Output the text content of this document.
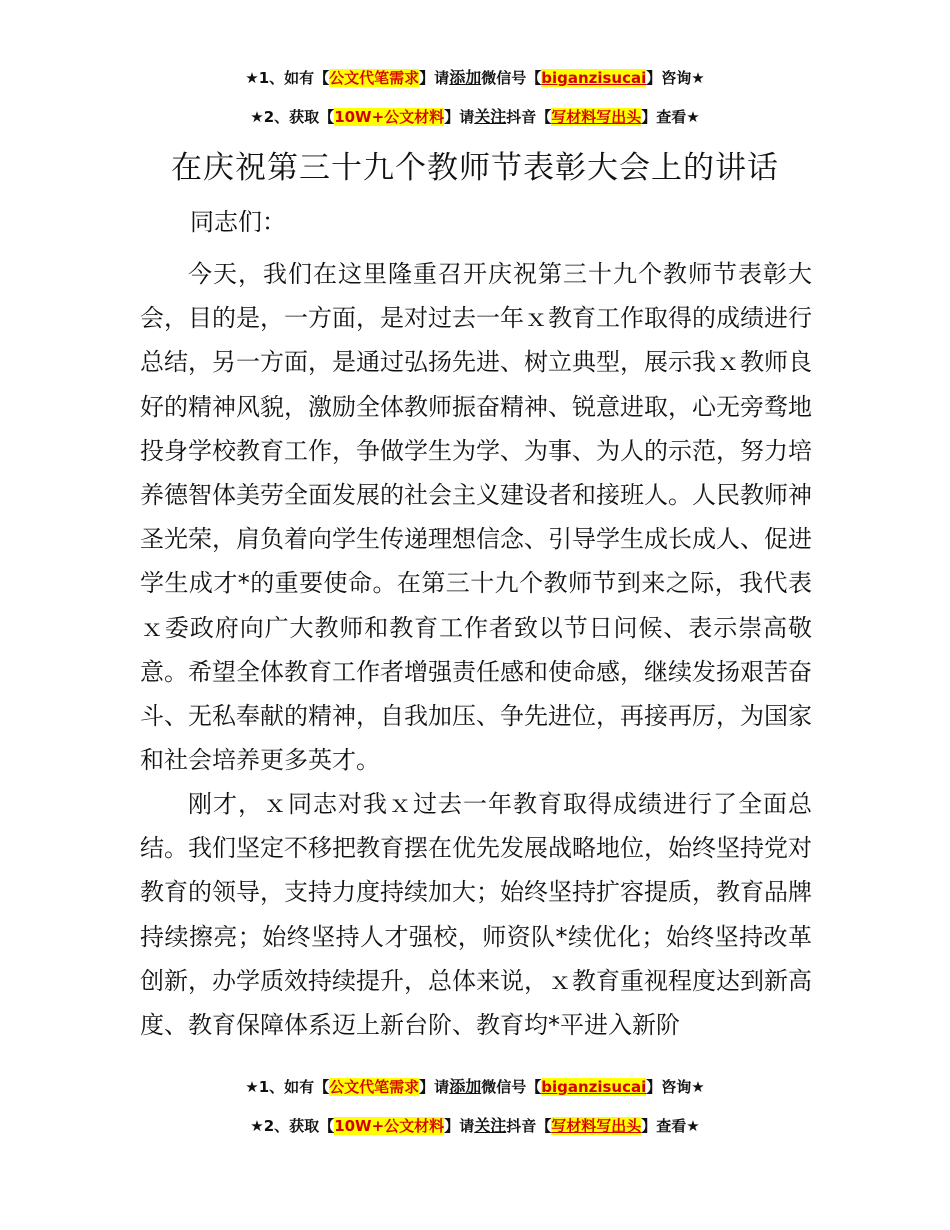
★1、如有【公文代笔需求】请添加微信号【biganzisucai】咨询★
★2、获取【10W+公文材料】请关注抖音【写材料写出头】查看★
在庆祝第三十九个教师节表彰大会上的讲话
同志们：

今天，我们在这里隆重召开庆祝第三十九个教师节表彰大会，目的是，一方面，是对过去一年ｘ教育工作取得的成绩进行总结，另一方面，是通过弘扬先进、树立典型，展示我ｘ教师良好的精神风貌，激励全体教师振奋精神、锐意进取，心无旁骛地投身学校教育工作，争做学生为学、为事、为人的示范，努力培养德智体美劳全面发展的社会主义建设者和接班人。人民教师神圣光荣，肩负着向学生传递理想信念、引导学生成长成人、促进学生成才*的重要使命。在第三十九个教师节到来之际，我代表ｘ委政府向广大教师和教育工作者致以节日问候、表示崇高敬意。希望全体教育工作者增强责任感和使命感，继续发扬艰苦奋斗、无私奉献的精神，自我加压、争先进位，再接再厉，为国家和社会培养更多英才。

刚才，ｘ同志对我ｘ过去一年教育取得成绩进行了全面总结。我们坚定不移把教育摆在优先发展战略地位，始终坚持党对教育的领导，支持力度持续加大；始终坚持扩容提质，教育品牌持续擦亮；始终坚持人才强校，师资队*续优化；始终坚持改革创新，办学质效持续提升，总体来说，ｘ教育重视程度达到新高度、教育保障体系迈上新台阶、教育均*平进入新阶

★1、如有【公文代笔需求】请添加微信号【biganzisucai】咨询★
★2、获取【10W+公文材料】请关注抖音【写材料写出头】查看★
